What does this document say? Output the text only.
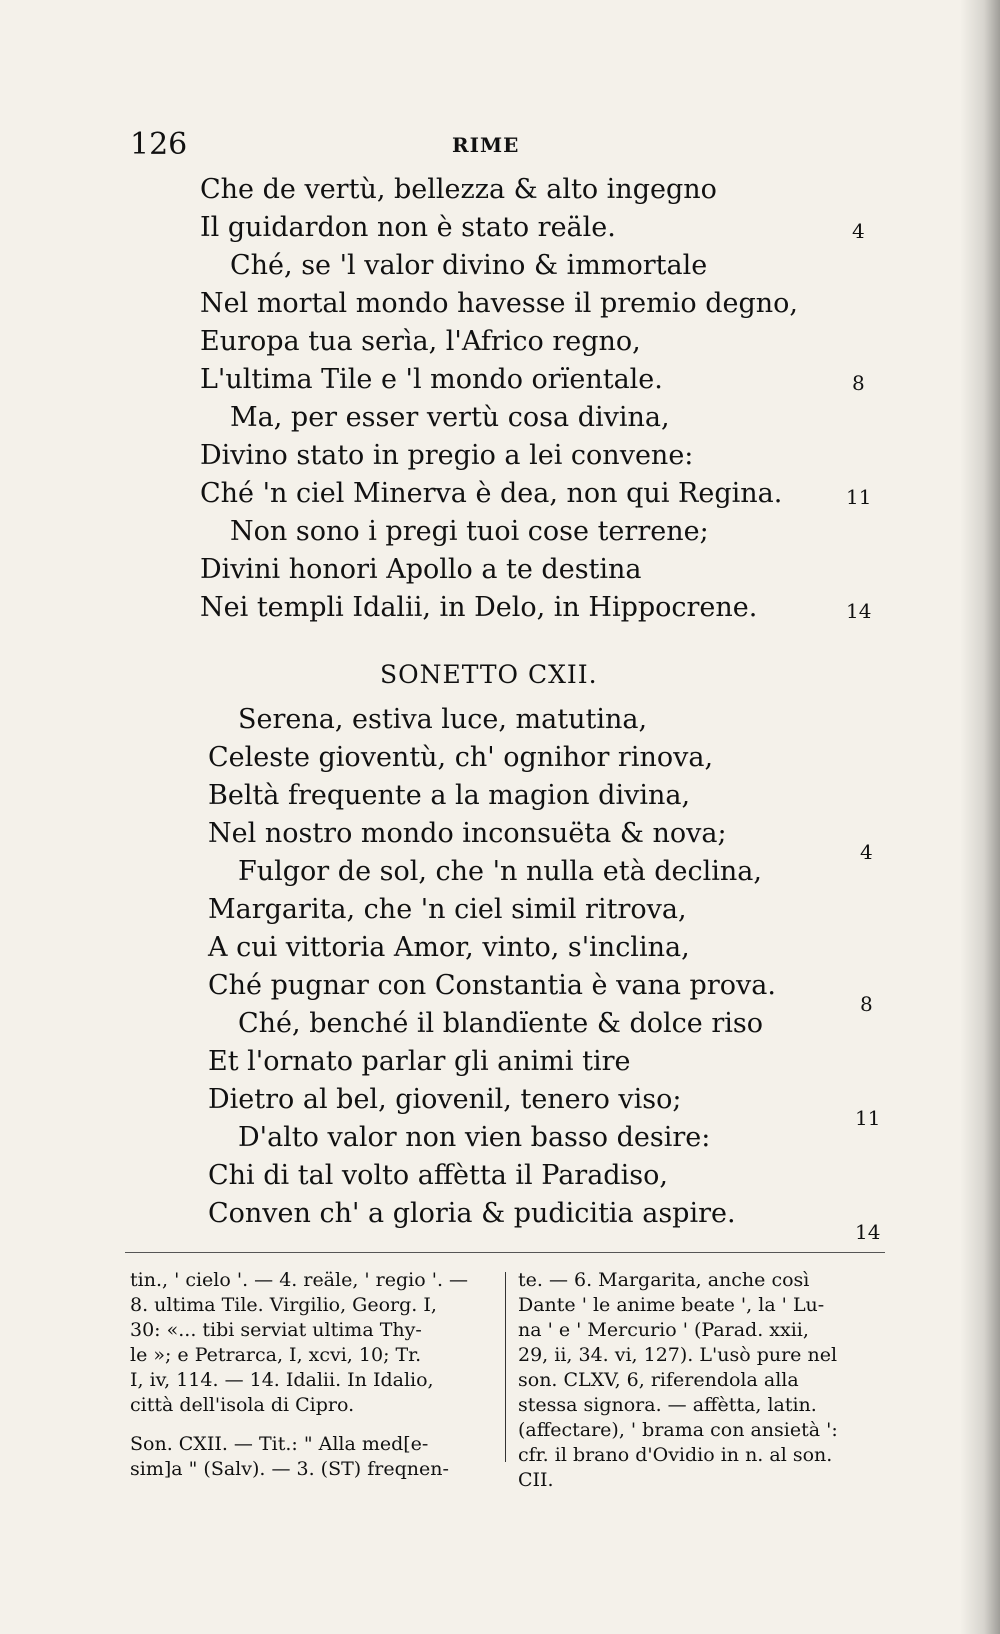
126	RIME
Che de vertù, bellezza & alto ingegno
Il guidardon non è stato reäle.
Ché, se 'l valor divino & immortale
Nel mortal mondo havesse il premio degno,
Europa tua serìa, l'Africo regno,
L'ultima Tile e 'l mondo orïentale.
Ma, per esser vertù cosa divina,
Divino stato in pregio a lei convene:
Ché 'n ciel Minerva è dea, non qui Regina.
Non sono i pregi tuoi cose terrene;
Divini honori Apollo a te destina
Nei templi Idalii, in Delo, in Hippocrene.
4
8
11
14
SONETTO CXII.
Serena, estiva luce, matutina,
Celeste gioventù, ch' ognihor rinova,
Beltà frequente a la magion divina,
Nel nostro mondo inconsuëta & nova;
Fulgor de sol, che 'n nulla età declina,
Margarita, che 'n ciel simil ritrova,
A cui vittoria Amor, vinto, s'inclina,
Ché pugnar con Constantia è vana prova.
Ché, benché il blandïente & dolce riso
Et l'ornato parlar gli animi tire
Dietro al bel, giovenil, tenero viso;
D'alto valor non vien basso desire:
Chi di tal volto affètta il Paradiso,
Conven ch' a gloria & pudicitia aspire.
4
8
11
14

tin., ' cielo '. — 4. reäle, ' regio '. —

8. ultima Tile. Virgilio, Georg. I,

30: «... tibi serviat ultima Thy-

le »; e Petrarca, I, xcvi, 10; Tr.

I, iv, 114. — 14. Idalii. In Idalio,

città dell'isola di Cipro.

Son. CXII. — Tit.: " Alla med[e-

sim]a " (Salv). — 3. (ST) freqnen-

te. — 6. Margarita, anche così

Dante ' le anime beate ', la ' Lu-

na ' e ' Mercurio ' (Parad. xxii,

29, ii, 34. vi, 127). L'usò pure nel

son. CLXV, 6, riferendola alla

stessa signora. — affètta, latin.

(affectare), ' brama con ansietà ':

cfr. il brano d'Ovidio in n. al son.

CII.
